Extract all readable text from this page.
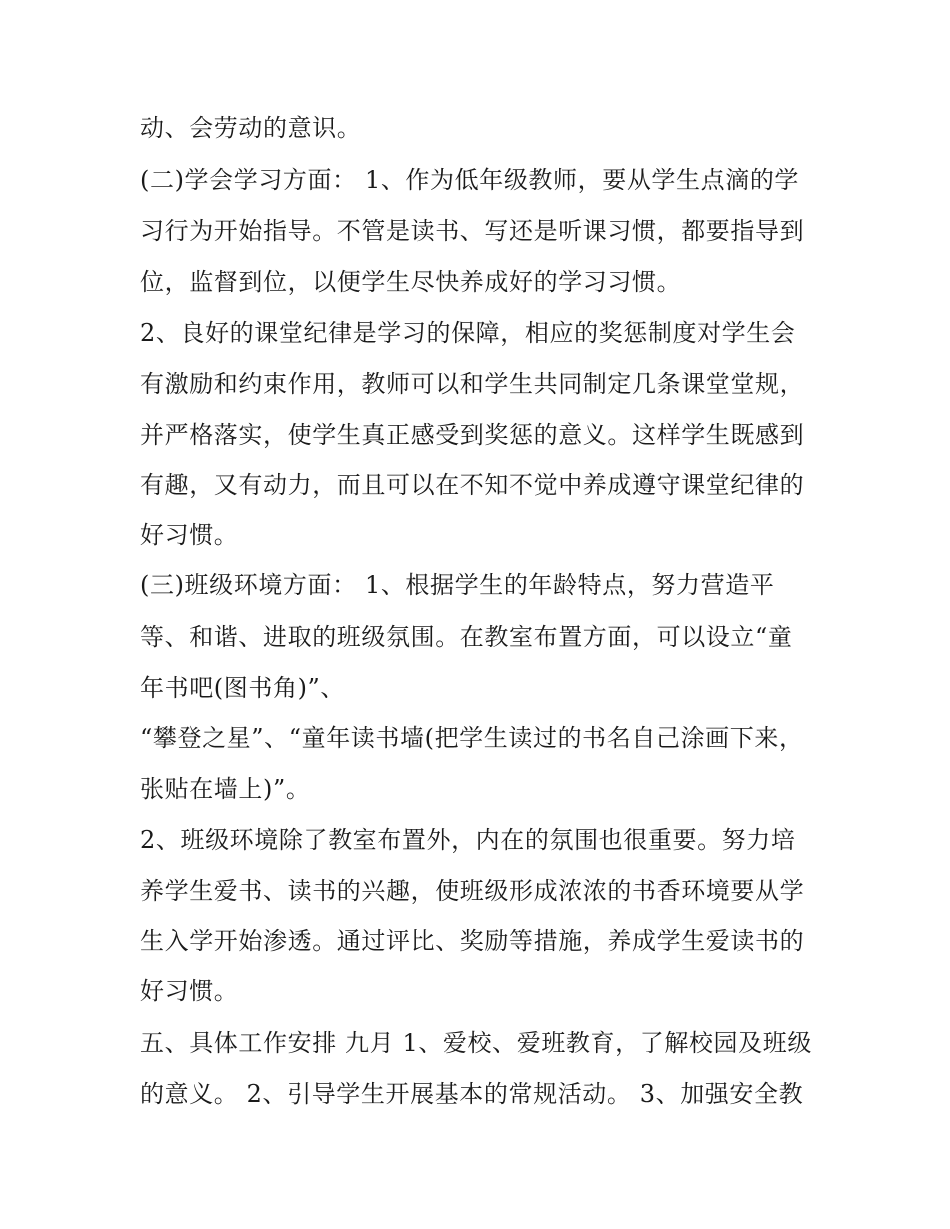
动、会劳动的意识。
(二)学会学习方面： 1、作为低年级教师，要从学生点滴的学
习行为开始指导。不管是读书、写还是听课习惯，都要指导到
位，监督到位，以便学生尽快养成好的学习习惯。
2、良好的课堂纪律是学习的保障，相应的奖惩制度对学生会
有激励和约束作用，教师可以和学生共同制定几条课堂堂规，
并严格落实，使学生真正感受到奖惩的意义。这样学生既感到
有趣，又有动力，而且可以在不知不觉中养成遵守课堂纪律的
好习惯。
(三)班级环境方面： 1、根据学生的年龄特点，努力营造平
等、和谐、进取的班级氛围。在教室布置方面，可以设立“童
年书吧(图书角)”、
“攀登之星”、“童年读书墙(把学生读过的书名自己涂画下来，
张贴在墙上)”。
2、班级环境除了教室布置外，内在的氛围也很重要。努力培
养学生爱书、读书的兴趣，使班级形成浓浓的书香环境要从学
生入学开始渗透。通过评比、奖励等措施，养成学生爱读书的
好习惯。
五、具体工作安排 九月 1、爱校、爱班教育，了解校园及班级
的意义。 2、引导学生开展基本的常规活动。 3、加强安全教
